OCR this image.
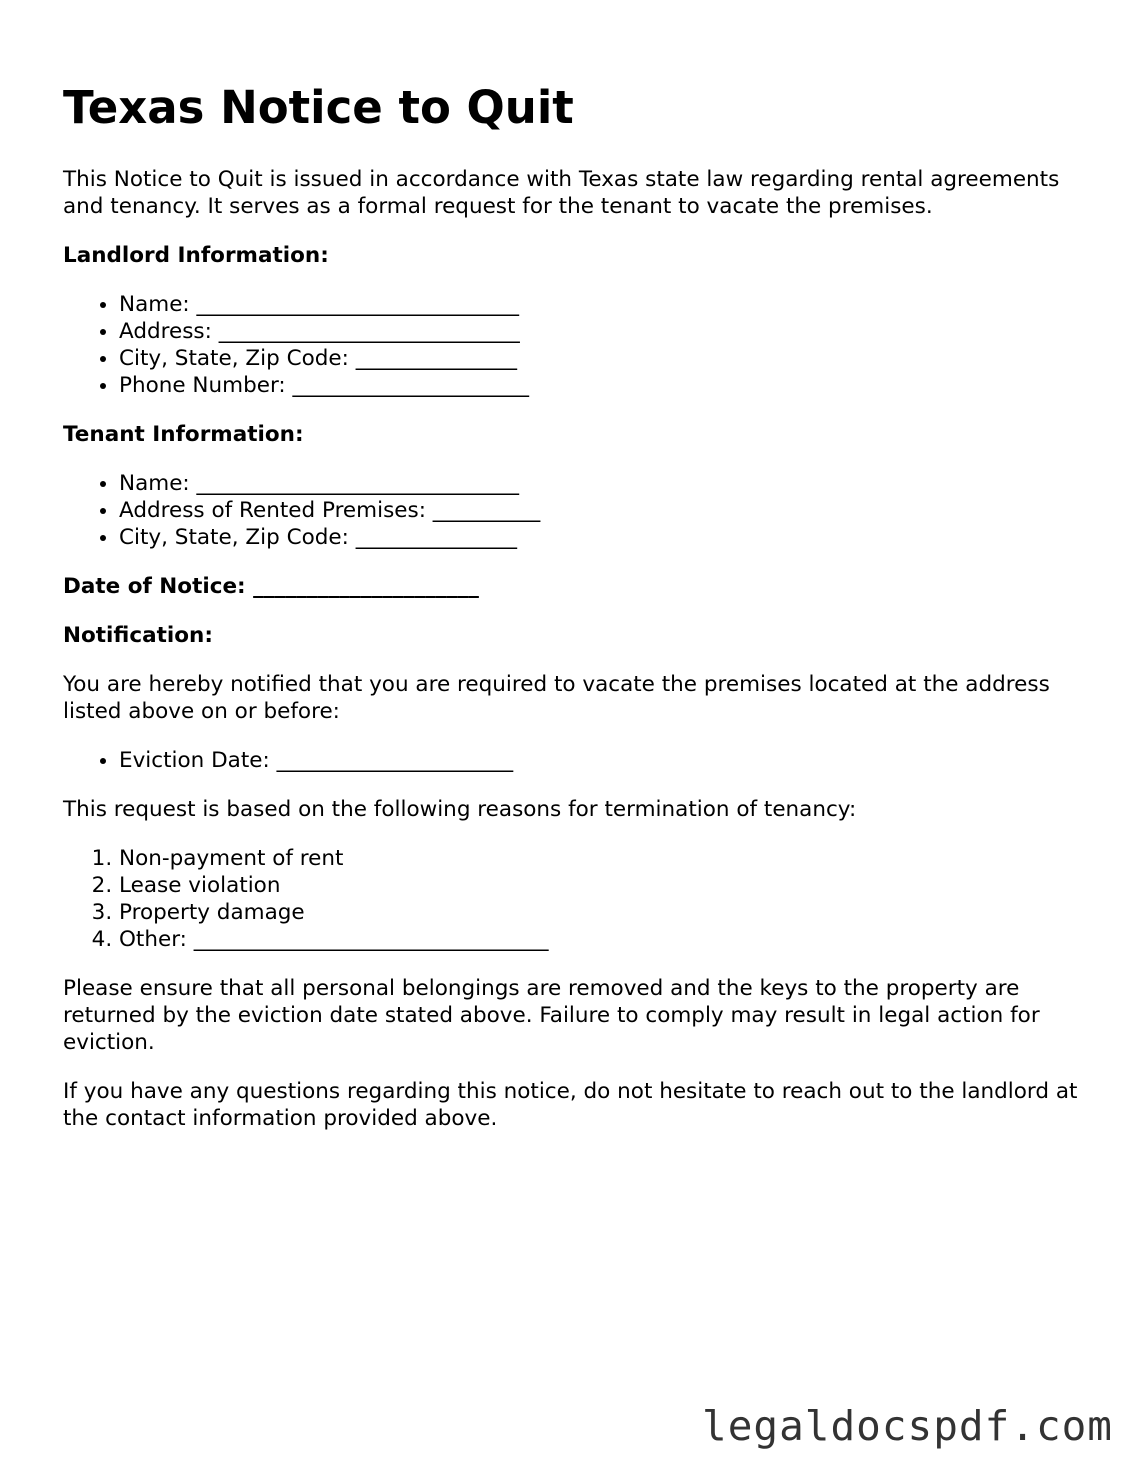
Texas Notice to Quit

This Notice to Quit is issued in accordance with Texas state law regarding rental agreements and tenancy. It serves as a formal request for the tenant to vacate the premises.

Landlord Information:
• Name: ______________________________
• Address: ____________________________
• City, State, Zip Code: _______________
• Phone Number: ______________________
Tenant Information:
• Name: ______________________________
• Address of Rented Premises: __________
• City, State, Zip Code: _______________
Date of Notice: _____________________
Notification:

You are hereby notified that you are required to vacate the premises located at the address listed above on or before:

• Eviction Date: ______________________

This request is based on the following reasons for termination of tenancy:

1. Non-payment of rent
2. Lease violation
3. Property damage
4. Other: _________________________________

Please ensure that all personal belongings are removed and the keys to the property are returned by the eviction date stated above. Failure to comply may result in legal action for eviction.

If you have any questions regarding this notice, do not hesitate to reach out to the landlord at the contact information provided above.

legaldocspdf.com
